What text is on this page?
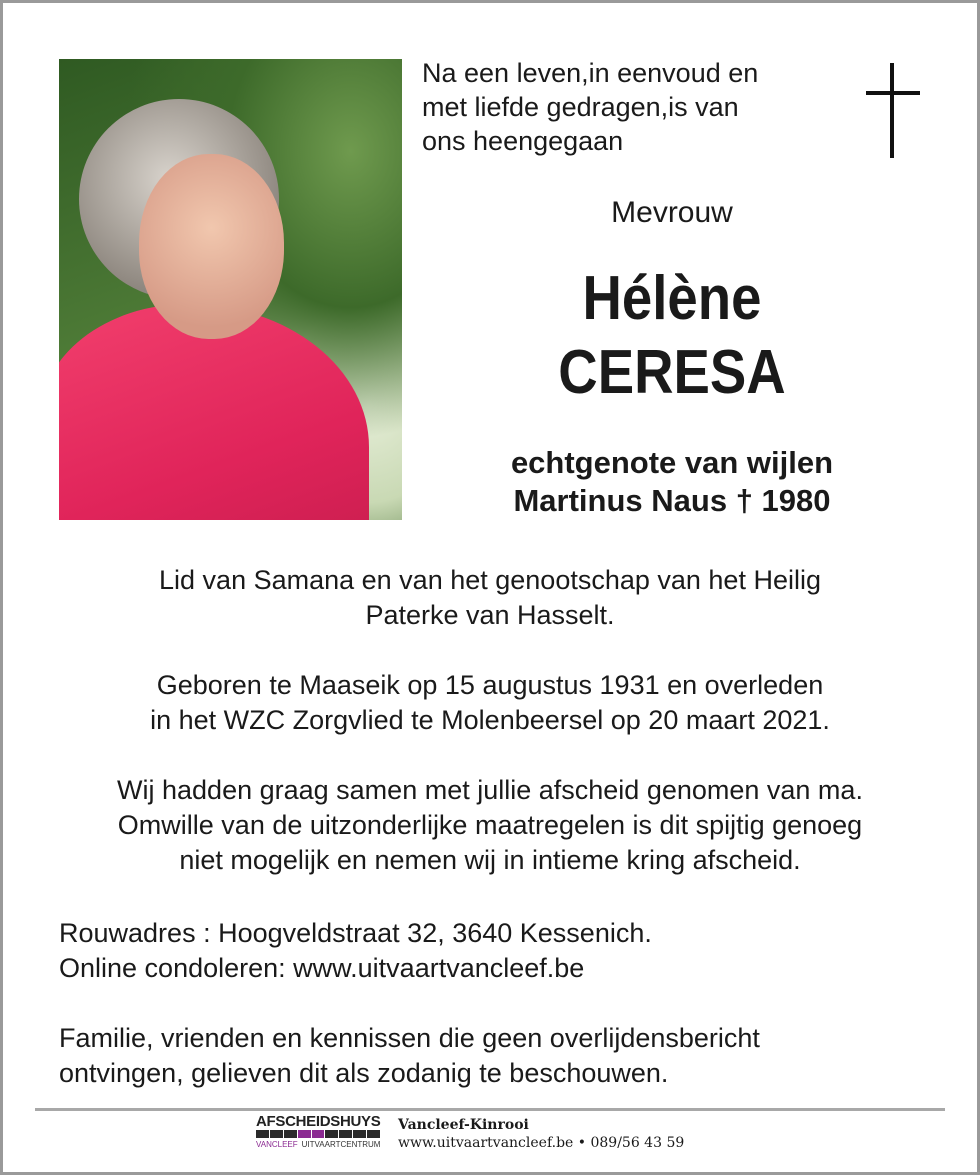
Na een leven,in eenvoud en
met liefde gedragen,is van
ons heengegaan
Mevrouw
Hélène
CERESA
echtgenote van wijlen
Martinus Naus † 1980
Lid van Samana en van het genootschap van het Heilig
Paterke van Hasselt.
Geboren te Maaseik op 15 augustus 1931 en overleden
in het WZC Zorgvlied te Molenbeersel op 20 maart 2021.
Wij hadden graag samen met jullie afscheid genomen van ma.
Omwille van de uitzonderlijke maatregelen is dit spijtig genoeg
niet mogelijk en nemen wij in intieme kring afscheid.
Rouwadres : Hoogveldstraat 32, 3640 Kessenich.
Online condoleren: www.uitvaartvancleef.be
Familie, vrienden en kennissen die geen overlijdensbericht
ontvingen, gelieven dit als zodanig te beschouwen.
AFSCHEIDSHUYS
VANCLEEF UITVAARTCENTRUM
Vancleef-Kinrooi
www.uitvaartvancleef.be • 089/56 43 59
